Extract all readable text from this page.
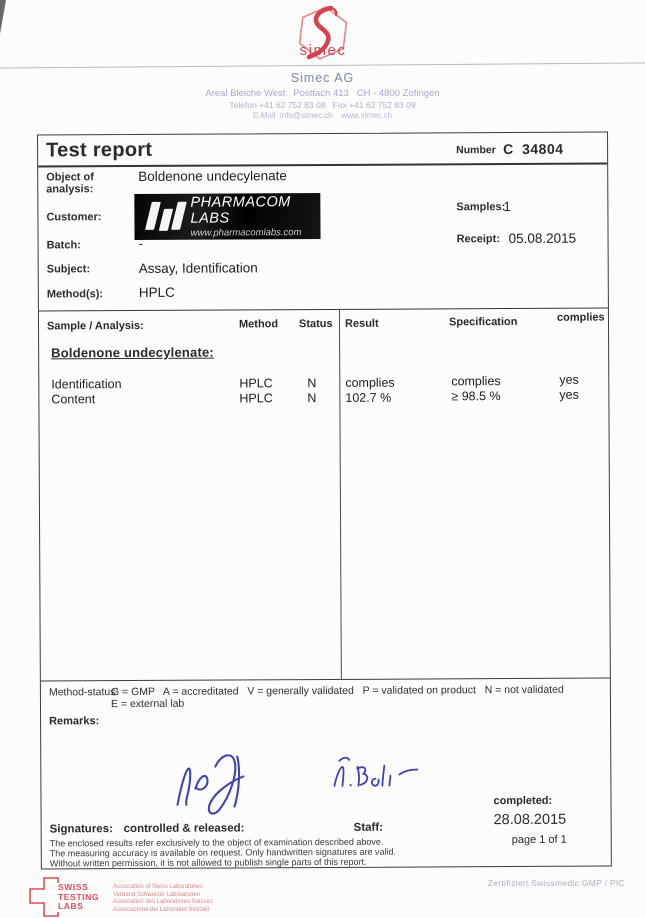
simec
Simec AG
Areal Bleiche West   Postfach 413   CH - 4800 Zofingen
Telefon +41 62 752 83 08   Fax +41 62 752 83 09
E-Mail  info@simec.ch    www.simec.ch
Test report	Number C 34804
Object of analysis:
Boldenone undecylenate
Customer:
PHARMACOM LABS
www.pharmacomlabs.com
Batch:	-
Subject:	Assay, Identification
Method(s):	HPLC
Samples:
1
Receipt: 05.08.2015
Sample / Analysis:	Method Status Result	Specification	complies
Boldenone undecylenate:
Identification	HPLC	N complies	complies	yes
Content	HPLC	N 102.7 %	≥ 98.5 %	yes
Method-status:
G = GMP   A = accreditated   V = generally validated   P = validated on product   N = not validated
E = external lab
Remarks:
Signatures: controlled & released:	Staff:
completed:
28.08.2015
page 1 of 1
The enclosed results refer exclusively to the object of examination described above.
The measuring accuracy is available on request. Only handwritten signatures are valid.
Without written permission, it is not allowed to publish single parts of this report.
SWISS
TESTING
LABS
Association of Swiss Laboratories
Verband Schweizer Laboratorien
Association des Laboratoires Suisses
Associazione dei Laboratori Svizzeri
Zertifiziert Swissmedic GMP / PIC
